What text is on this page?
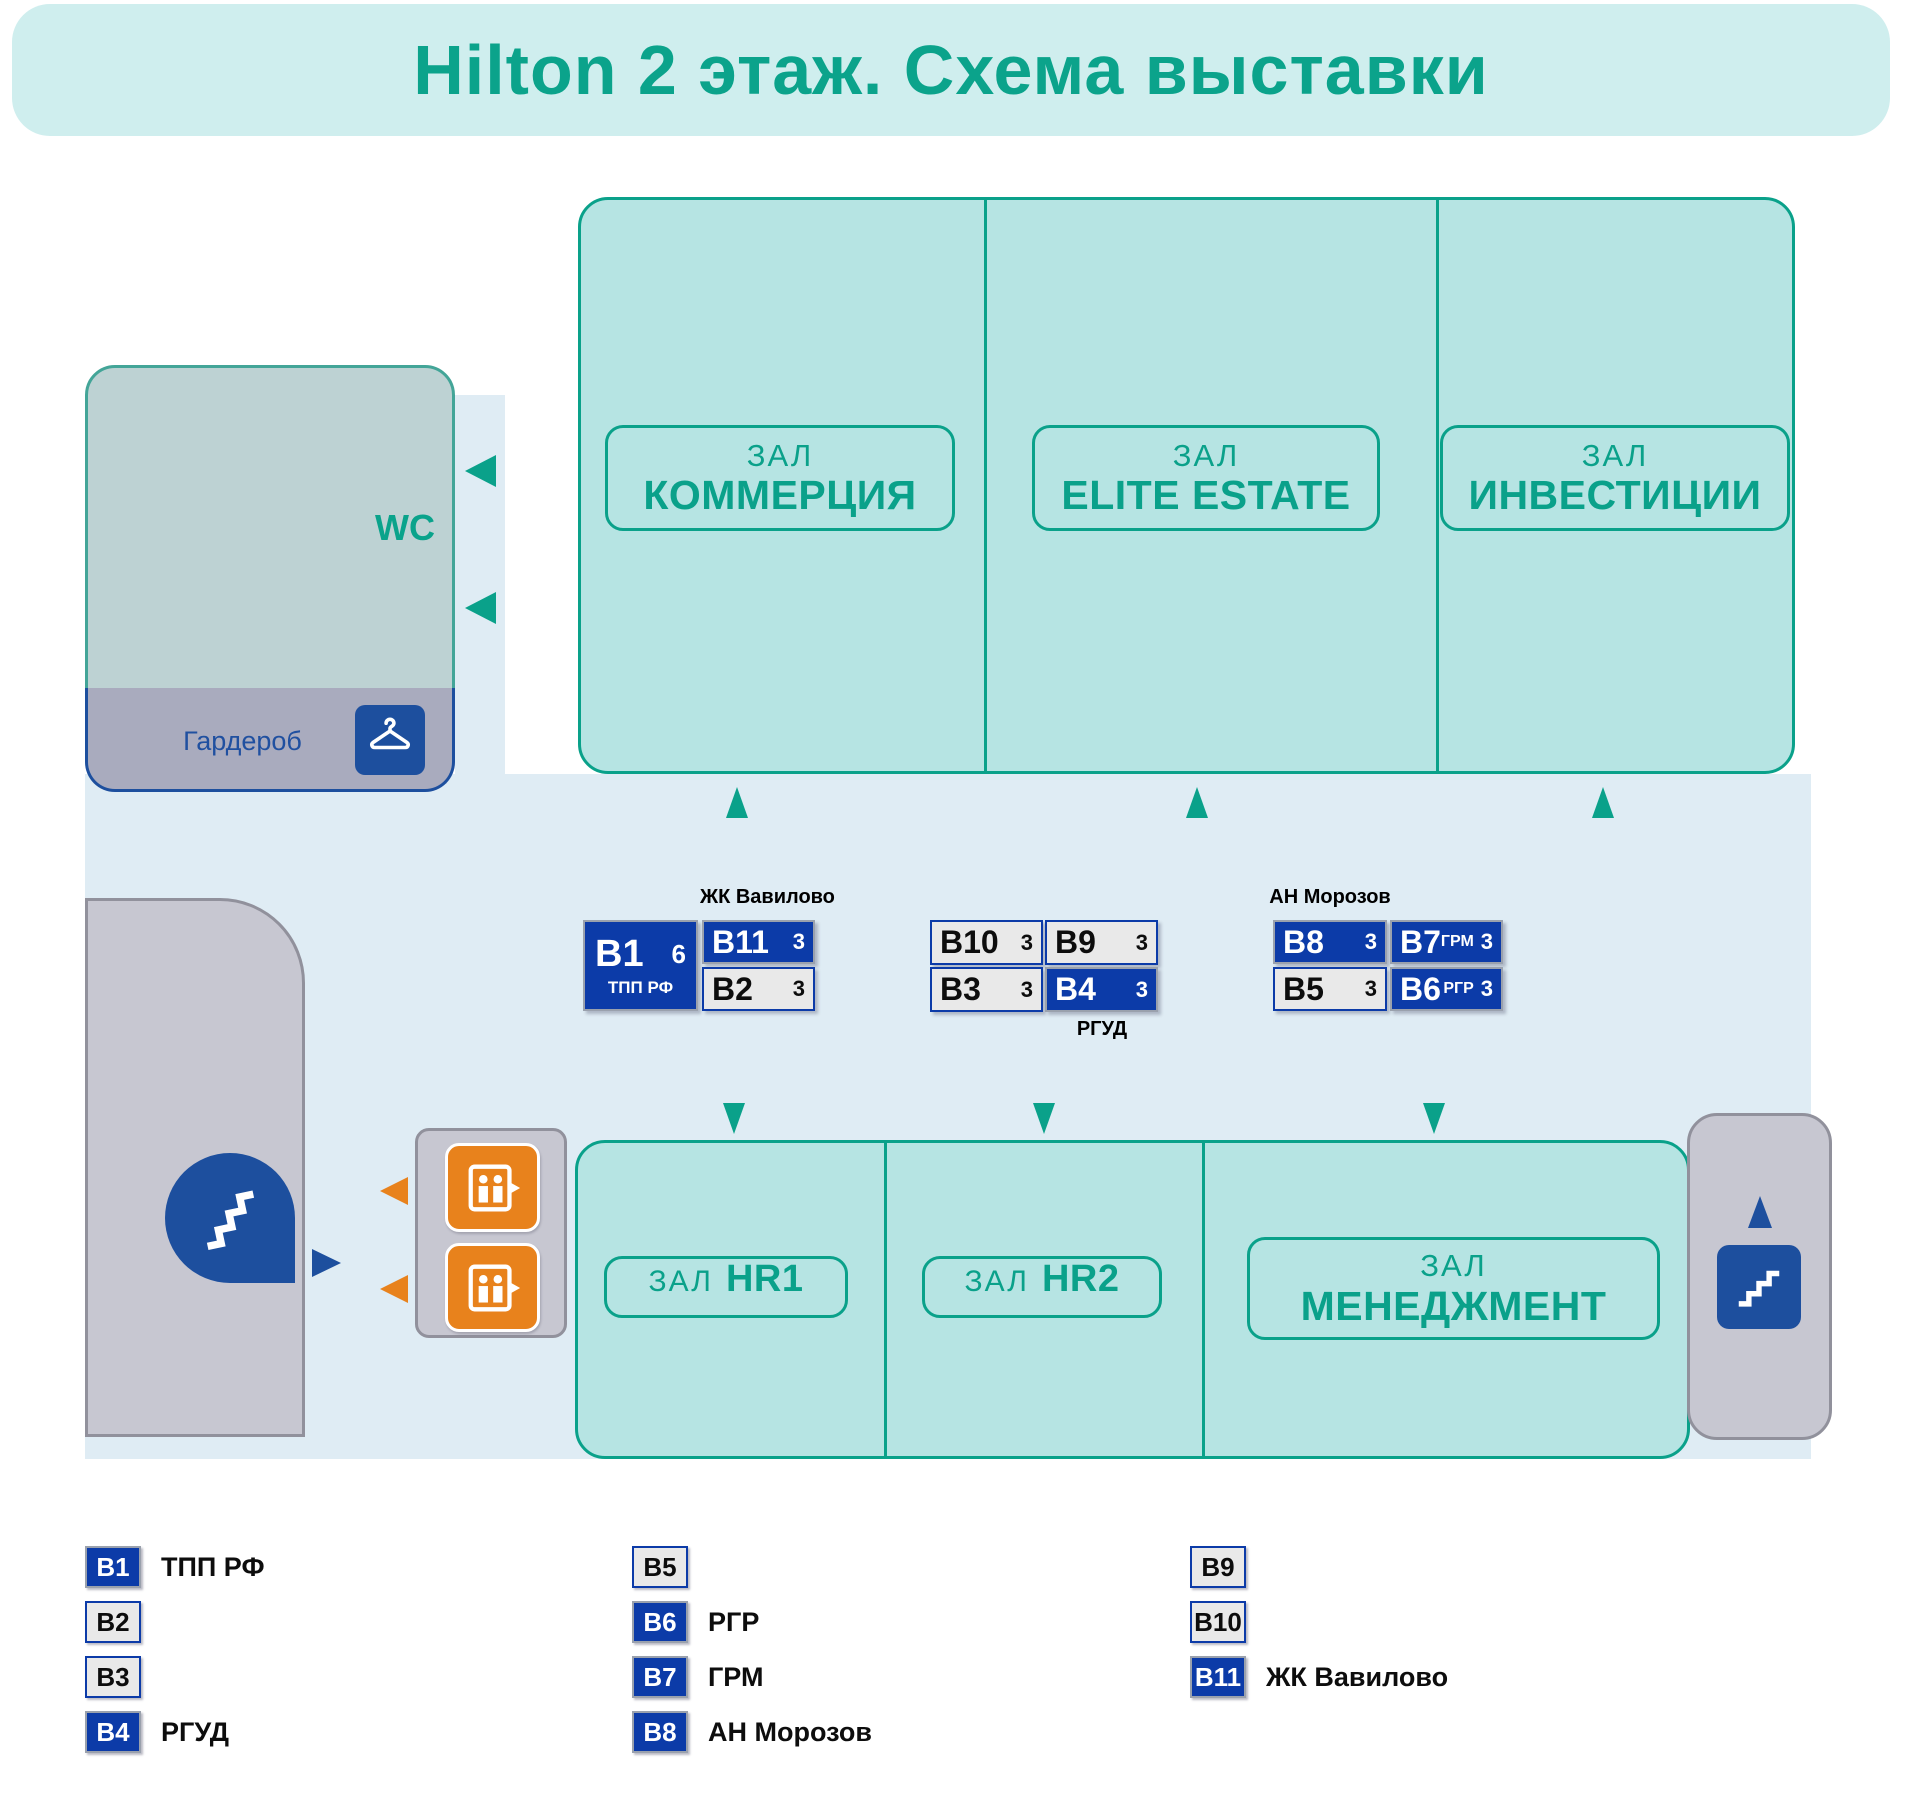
Hilton 2 этаж. Схема выставки
ЗАЛ
КОММЕРЦИЯ
ЗАЛ
ELITE ESTATE
ЗАЛ
ИНВЕСТИЦИИ
WC
Гардероб
ЖК Вавилово
В1 6
ТПП РФ
В11 3
В2 3
В10 3 В9 3
В3 3 В4 3
РГУД
АН Морозов
В8 3 В7 ГРМ 3
В5 3 В6 РГР 3
ЗАЛ HR1	ЗАЛ HR2	ЗАЛ
МЕНЕДЖМЕНТ
В1 ТПП РФ
В2
В3
В4 РГУД
В5
В6 РГР
В7 ГРМ
В8 АН Морозов
В9
В10
В11 ЖК Вавилово
